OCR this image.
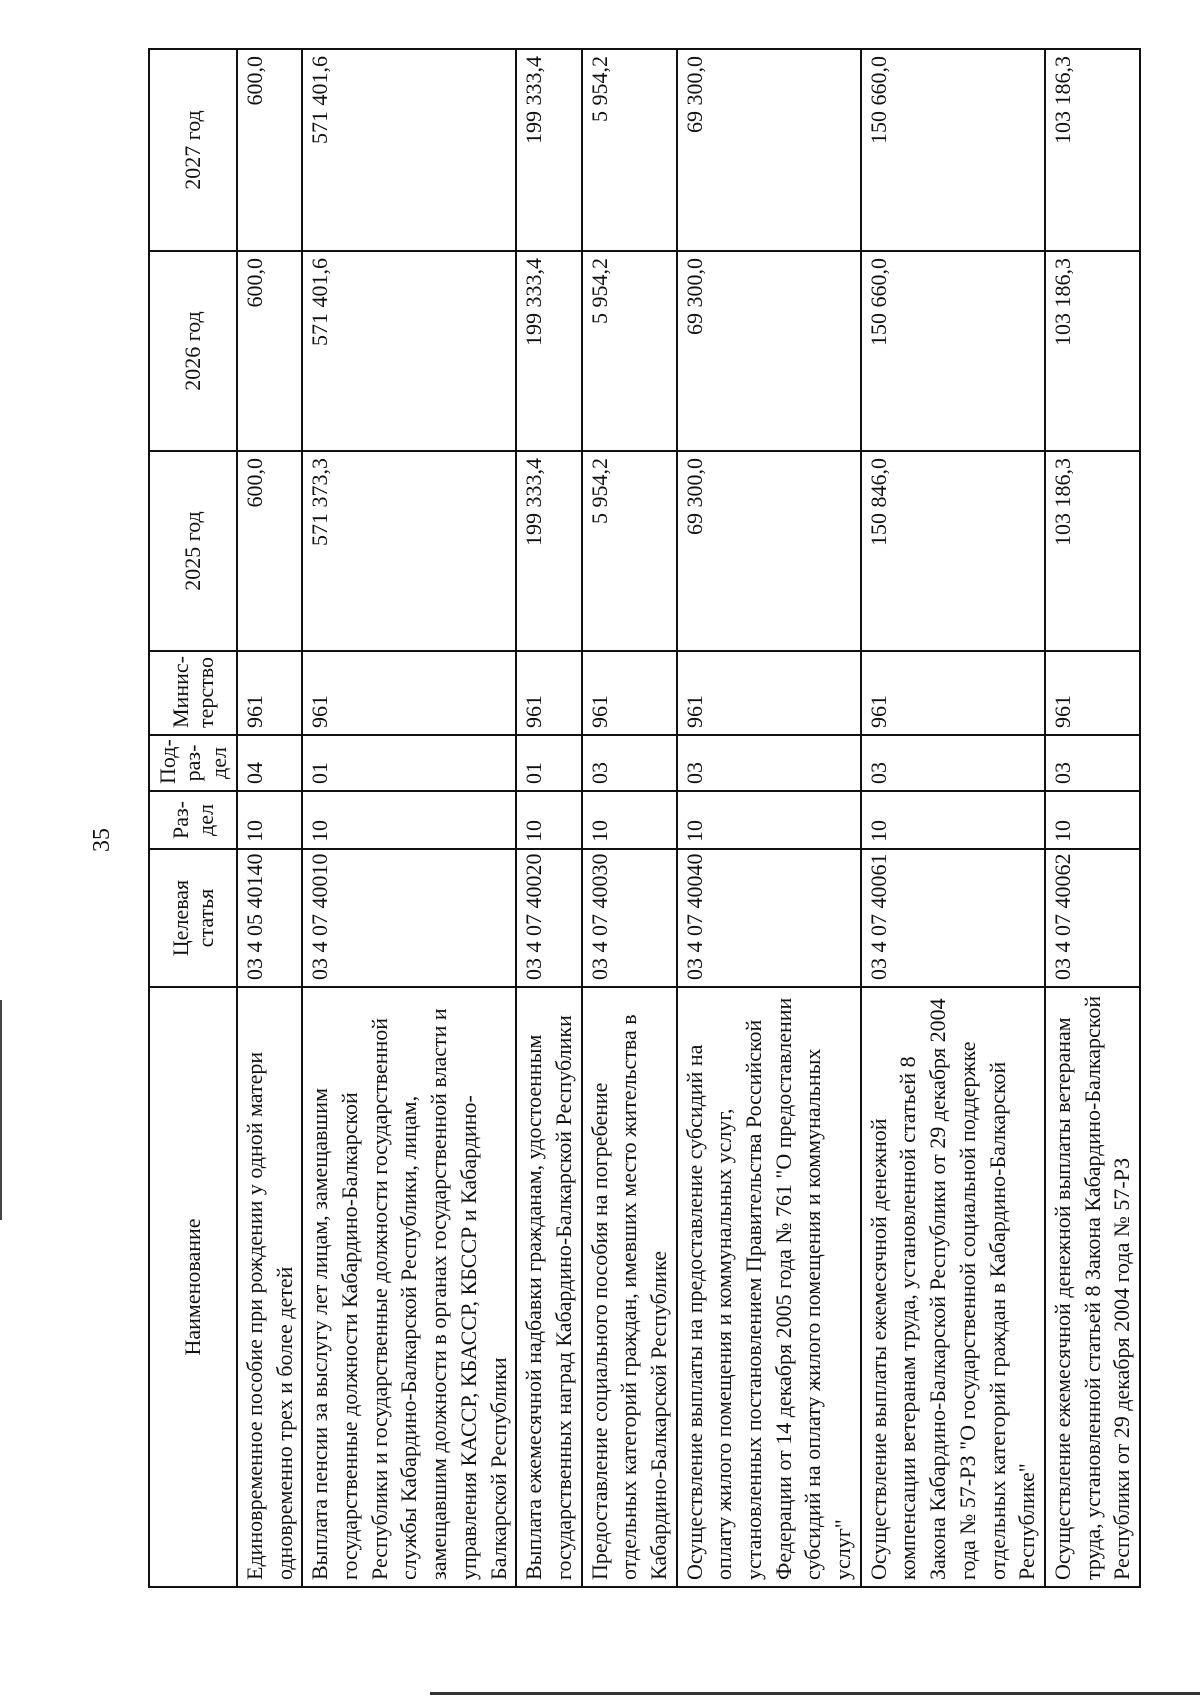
35
Наименование	Целевая статья	Раз-дел	Под-раз-дел	Минис-терство	2025 год	2026 год	2027 год
Единовременное пособие при рождении у одной матери одновременно трех и более детей	03 4 05 40140	10	04	961	600,0	600,0	600,0
Выплата пенсии за выслугу лет лицам, замещавшим государственные должности Кабардино-Балкарской Республики и государственные должности государственной службы Кабардино-Балкарской Республики, лицам, замещавшим должности в органах государственной власти и управления КАССР, КБАССР, КБССР и Кабардино-Балкарской Республики	03 4 07 40010	10	01	961	571 373,3	571 401,6	571 401,6
Выплата ежемесячной надбавки гражданам, удостоенным государственных наград Кабардино-Балкарской Республики	03 4 07 40020	10	01	961	199 333,4	199 333,4	199 333,4
Предоставление социального пособия на погребение отдельных категорий граждан, имевших место жительства в Кабардино-Балкарской Республике	03 4 07 40030	10	03	961	5 954,2	5 954,2	5 954,2
Осуществление выплаты на предоставление субсидий на оплату жилого помещения и коммунальных услуг, установленных постановлением Правительства Российской Федерации от 14 декабря 2005 года № 761 "О предоставлении субсидий на оплату жилого помещения и коммунальных услуг"	03 4 07 40040	10	03	961	69 300,0	69 300,0	69 300,0
Осуществление выплаты ежемесячной денежной компенсации ветеранам труда, установленной статьей 8 Закона Кабардино-Балкарской Республики от 29 декабря 2004 года № 57-РЗ "О государственной социальной поддержке отдельных категорий граждан в Кабардино-Балкарской Республике"	03 4 07 40061	10	03	961	150 846,0	150 660,0	150 660,0
Осуществление ежемесячной денежной выплаты ветеранам труда, установленной статьей 8 Закона Кабардино-Балкарской Республики от 29 декабря 2004 года № 57-РЗ	03 4 07 40062	10	03	961	103 186,3	103 186,3	103 186,3
